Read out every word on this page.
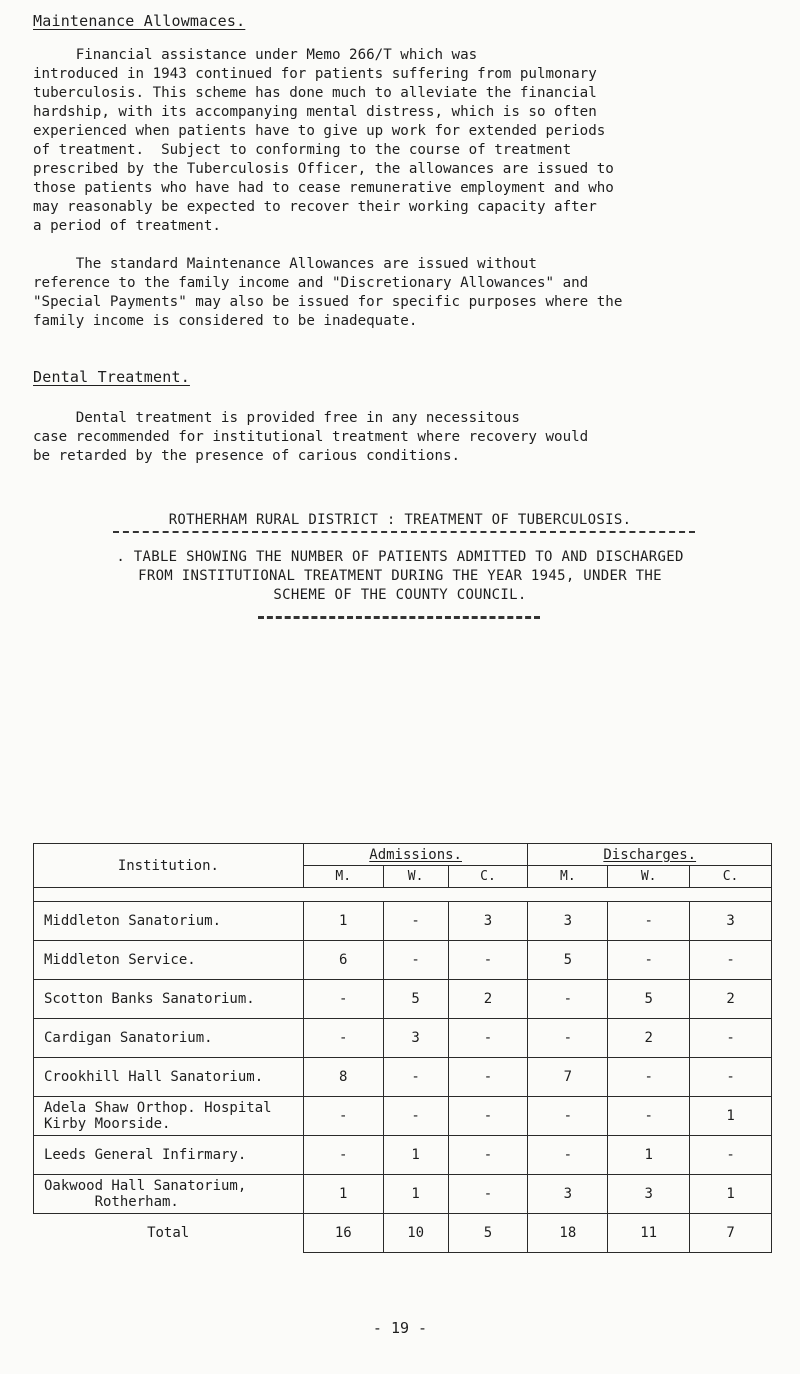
Maintenance Allowmaces.

Financial assistance under Memo 266/T which was
introduced in 1943 continued for patients suffering from pulmonary
tuberculosis. This scheme has done much to alleviate the financial
hardship, with its accompanying mental distress, which is so often
experienced when patients have to give up work for extended periods
of treatment.  Subject to conforming to the course of treatment
prescribed by the Tuberculosis Officer, the allowances are issued to
those patients who have had to cease remunerative employment and who
may reasonably be expected to recover their working capacity after
a period of treatment.

The standard Maintenance Allowances are issued without
reference to the family income and "Discretionary Allowances" and
"Special Payments" may also be issued for specific purposes where the
family income is considered to be inadequate.

Dental Treatment.

Dental treatment is provided free in any necessitous
case recommended for institutional treatment where recovery would
be retarded by the presence of carious conditions.

ROTHERHAM RURAL DISTRICT : TREATMENT OF TUBERCULOSIS.
. TABLE SHOWING THE NUMBER OF PATIENTS ADMITTED TO AND DISCHARGED
FROM INSTITUTIONAL TREATMENT DURING THE YEAR 1945, UNDER THE
SCHEME OF THE COUNTY COUNCIL.
Institution.	Admissions.			Discharges.		
	M.	W.	C.	M.	W.	C.

Middleton Sanatorium.	1	-	3	3	-	3
Middleton Service.	6	-	-	5	-	-
Scotton Banks Sanatorium.	-	5	2	-	5	2
Cardigan Sanatorium.	-	3	-	-	2	-
Crookhill Hall Sanatorium.	8	-	-	7	-	-
Adela Shaw Orthop. Hospital
Kirby Moorside.	-	-	-	-	-	1
Leeds General Infirmary.	-	1	-	-	1	-
Oakwood Hall Sanatorium,
Rotherham.	1	1	-	3	3	1
Total	16	10	5	18	11	7
- 19 -
